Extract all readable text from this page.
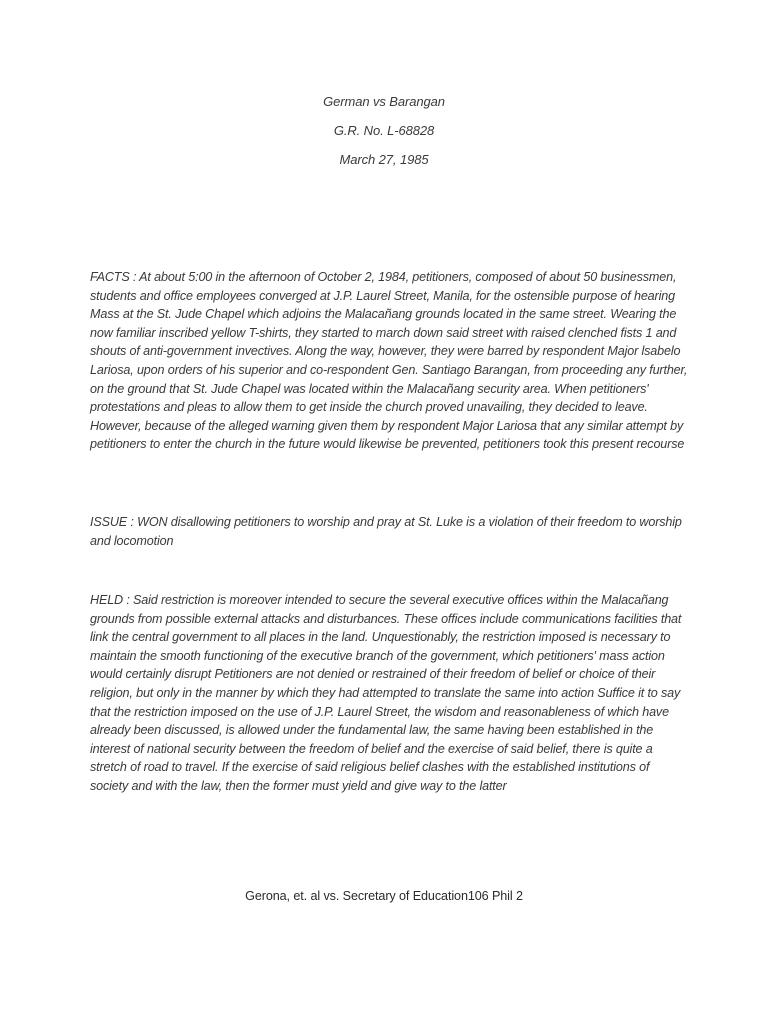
German vs Barangan
G.R. No. L-68828
March 27, 1985

FACTS : At about 5:00 in the afternoon of October 2, 1984, petitioners, composed of about 50 businessmen, students and office employees converged at J.P. Laurel Street, Manila, for the ostensible purpose of hearing Mass at the St. Jude Chapel which adjoins the Malacañang grounds located in the same street. Wearing the now familiar inscribed yellow T-shirts, they started to march down said street with raised clenched fists 1 and shouts of anti-government invectives. Along the way, however, they were barred by respondent Major lsabelo Lariosa, upon orders of his superior and co-respondent Gen. Santiago Barangan, from proceeding any further, on the ground that St. Jude Chapel was located within the Malacañang security area. When petitioners' protestations and pleas to allow them to get inside the church proved unavailing, they decided to leave. However, because of the alleged warning given them by respondent Major Lariosa that any similar attempt by petitioners to enter the church in the future would likewise be prevented, petitioners took this present recourse

ISSUE : WON disallowing petitioners to worship and pray at St. Luke is a violation of their freedom to worship and locomotion

HELD : Said restriction is moreover intended to secure the several executive offices within the Malacañang grounds from possible external attacks and disturbances. These offices include communications facilities that link the central government to all places in the land. Unquestionably, the restriction imposed is necessary to maintain the smooth functioning of the executive branch of the government, which petitioners' mass action would certainly disrupt Petitioners are not denied or restrained of their freedom of belief or choice of their religion, but only in the manner by which they had attempted to translate the same into action Suffice it to say that the restriction imposed on the use of J.P. Laurel Street, the wisdom and reasonableness of which have already been discussed, is allowed under the fundamental law, the same having been established in the interest of national security between the freedom of belief and the exercise of said belief, there is quite a stretch of road to travel. If the exercise of said religious belief clashes with the established institutions of society and with the law, then the former must yield and give way to the latter

Gerona, et. al vs. Secretary of Education106 Phil 2
